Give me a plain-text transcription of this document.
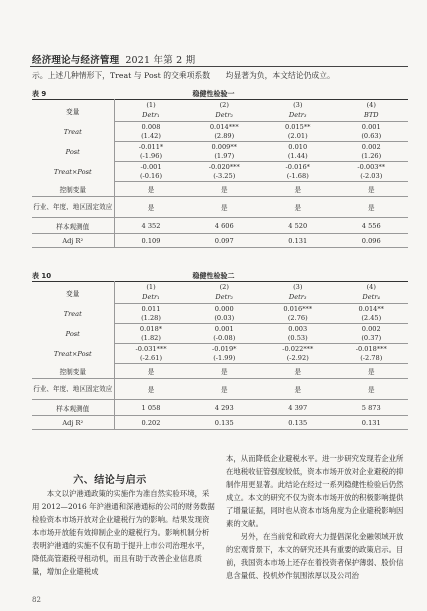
经济理论与经济管理 2021 年第 2 期
示。上述几种情形下，Treat 与 Post 的交乘项系数　　均显著为负，本文结论仍成立。
表 9	稳健性检验一
变量	(1)	(2)	(3)	(4)
	Detr₁	Detr₂	Detr₃	BTD
Treat	0.008	0.014***	0.015**	0.001
	(1.42)	(2.89)	(2.01)	(0.63)
Post	-0.011*	0.009**	0.010	0.002
	(-1.96)	(1.97)	(1.44)	(1.26)
Treat×Post	-0.001	-0.020***	-0.016*	-0.003**
	(-0.16)	(-3.25)	(-1.68)	(-2.03)
控制变量	是	是	是	是
行业、年度、地区固定效应	是	是	是	是
样本观测值	4 352	4 606	4 520	4 556
Adj R²	0.109	0.097	0.131	0.096
表 10	稳健性检验二
变量	(1)	(2)	(3)	(4)
	Detr₁	Detr₂	Detr₃	Detr₄
Treat	0.011	0.000	0.016***	0.014**
	(1.28)	(0.03)	(2.76)	(2.45)
Post	0.018*	0.001	0.003	0.002
	(1.82)	(-0.08)	(0.53)	(0.37)
Treat×Post	-0.031***	-0.019*	-0.022***	-0.018***
	(-2.61)	(-1.99)	(-2.92)	(-2.78)
控制变量	是	是	是	是
行业、年度、地区固定效应	是	是	是	是
样本观测值	1 058	4 293	4 397	5 873
Adj R²	0.202	0.135	0.135	0.131
六、结论与启示
　　本文以沪港通政策的实施作为准自然实验环境，采用 2012—2016 年沪港通和深港通标的公司的财务数据检验资本市场开放对企业避税行为的影响。结果发现资本市场开放能有效抑制企业的避税行为。影响机制分析表明沪港通的实施不仅有助于提升上市公司治理水平，降低高管避税寻租动机，而且有助于改善企业信息质量，增加企业避税成
本，从而降低企业避税水平。进一步研究发现若企业所在地税收征管强度较低，资本市场开放对企业避税的抑制作用更显著。此结论在经过一系列稳健性检验后仍然成立。本文的研究不仅为资本市场开放的积极影响提供了增量证据，同时也从资本市场角度为企业避税影响因素的文献。
　　另外，在当前党和政府大力提倡深化金融领域开放的宏观背景下，本文的研究还具有重要的政策启示。目前，我国资本市场上还存在着投资者保护薄弱、股价信息含量低、投机炒作氛围浓厚以及公司治
82
